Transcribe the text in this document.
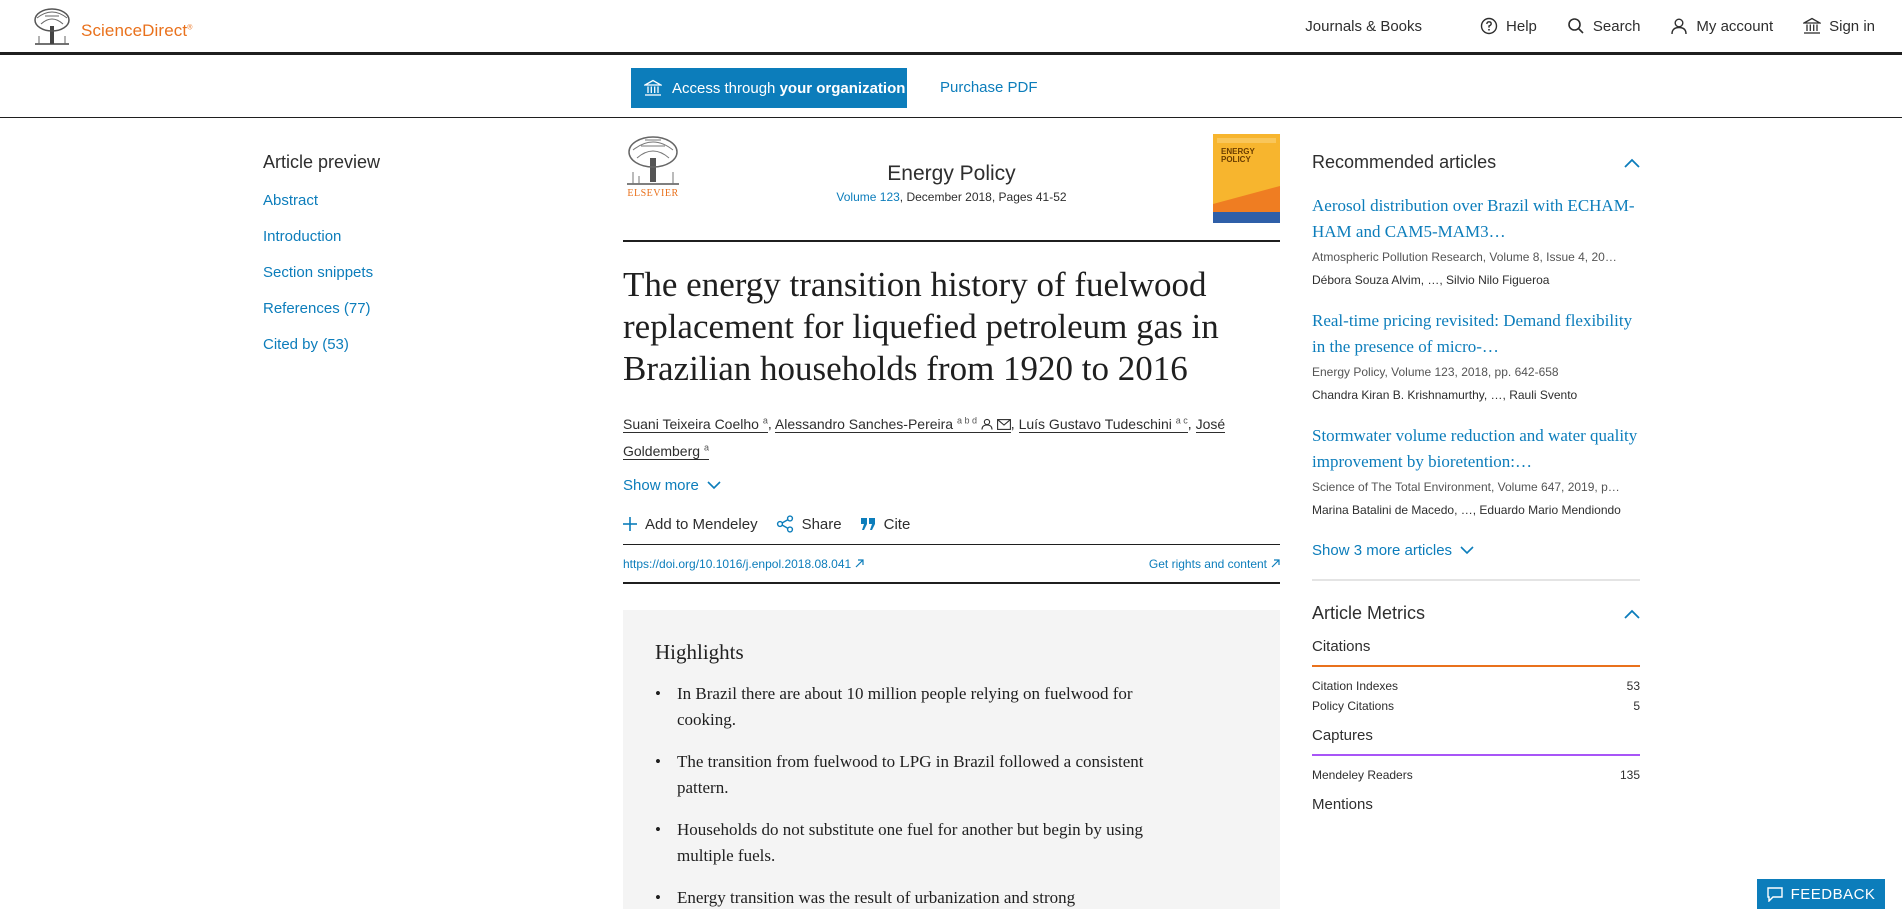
ScienceDirect®	Journals & Books	Help	Search	My account	Sign in
Access through your organization Purchase PDF
Article preview
Abstract
Introduction
Section snippets
References (77)
Cited by (53)
ELSEVIER
Energy Policy
Volume 123, December 2018, Pages 41-52
ENERGY POLICY
The energy transition history of fuelwood replacement for liquefied petroleum gas in Brazilian households from 1920 to 2016
Suani Teixeira Coelho $^a$, Alessandro Sanches-Pereira $^{a b d}$ , Luís Gustavo Tudeschini $^{a c}$, José Goldemberg $^a$
Show more
Add to Mendeley	Share	Cite
https://doi.org/10.1016/j.enpol.2018.08.041	Get rights and content
Highlights
• In Brazil there are about 10 million people relying on fuelwood for cooking.
• The transition from fuelwood to LPG in Brazil followed a consistent pattern.
• Households do not substitute one fuel for another but begin by using multiple fuels.
• Energy transition was the result of urbanization and strong
Recommended articles
Aerosol distribution over Brazil with ECHAM-HAM and CAM5-MAM3…
Atmospheric Pollution Research, Volume 8, Issue 4, 20…
Débora Souza Alvim, …, Silvio Nilo Figueroa
Real-time pricing revisited: Demand flexibility in the presence of micro-…
Energy Policy, Volume 123, 2018, pp. 642-658
Chandra Kiran B. Krishnamurthy, …, Rauli Svento
Stormwater volume reduction and water quality improvement by bioretention:…
Science of The Total Environment, Volume 647, 2019, p…
Marina Batalini de Macedo, …, Eduardo Mario Mendiondo
Show 3 more articles
Article Metrics
Citations
Citation Indexes	53
Policy Citations	5
Captures
Mendeley Readers	135
Mentions
FEEDBACK
